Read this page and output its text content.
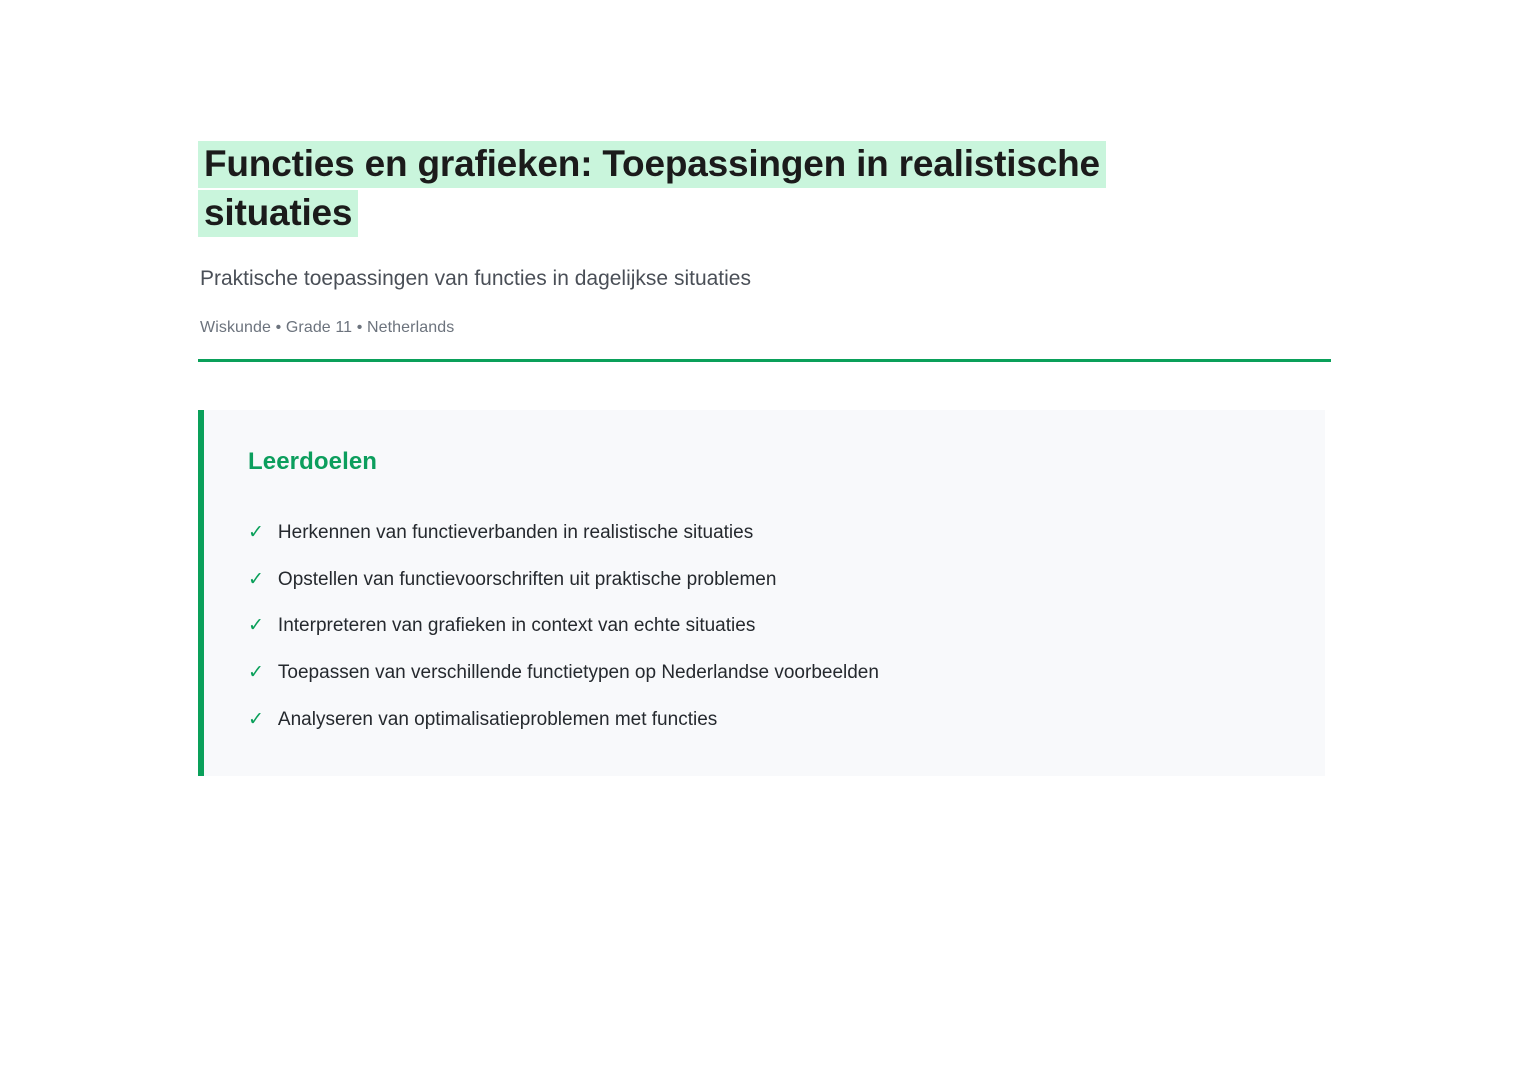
Functies en grafieken: Toepassingen in realistische situaties

Praktische toepassingen van functies in dagelijkse situaties

Wiskunde • Grade 11 • Netherlands

Leerdoelen
✓ Herkennen van functieverbanden in realistische situaties
✓ Opstellen van functievoorschriften uit praktische problemen
✓ Interpreteren van grafieken in context van echte situaties
✓ Toepassen van verschillende functietypen op Nederlandse voorbeelden
✓ Analyseren van optimalisatieproblemen met functies
